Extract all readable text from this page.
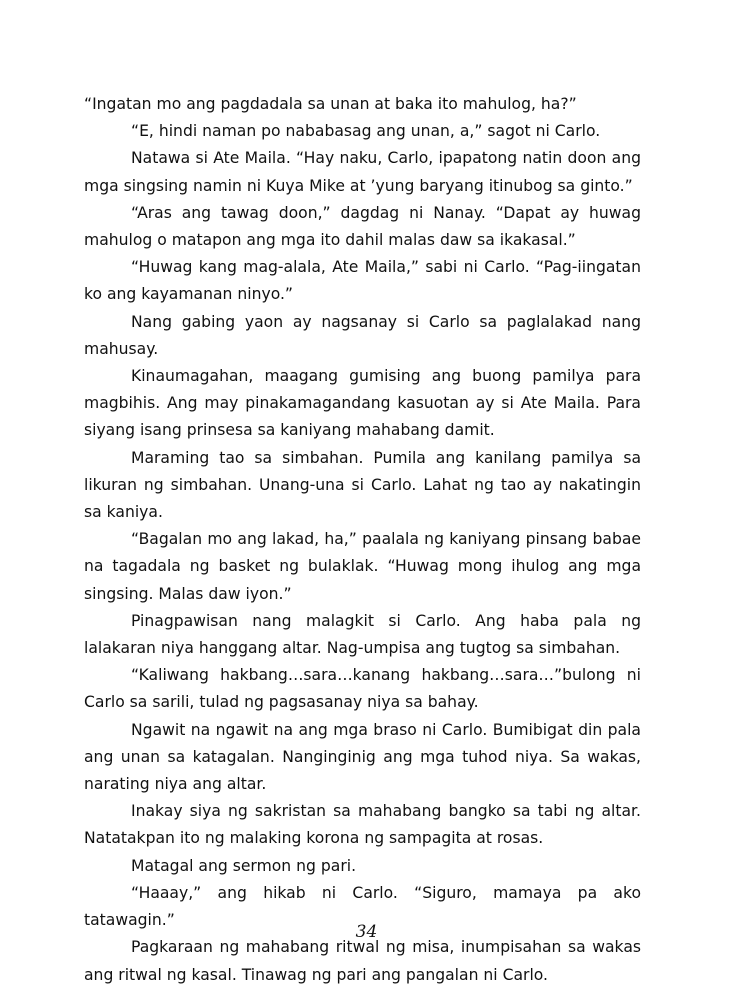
“Ingatan mo ang pagdadala sa unan at baka ito mahulog, ha?”

“E, hindi naman po nababasag ang unan, a,” sagot ni Carlo.

Natawa si Ate Maila. “Hay naku, Carlo, ipapatong natin doon ang mga singsing namin ni Kuya Mike at ’yung baryang itinubog sa ginto.”

“Aras ang tawag doon,” dagdag ni Nanay. “Dapat ay huwag mahulog o matapon ang mga ito dahil malas daw sa ikakasal.”

“Huwag kang mag-alala, Ate Maila,” sabi ni Carlo. “Pag-iingatan ko ang kayamanan ninyo.”

Nang gabing yaon ay nagsanay si Carlo sa paglalakad nang mahusay.

Kinaumagahan, maagang gumising ang buong pamilya para magbihis. Ang may pinakamagandang kasuotan ay si Ate Maila. Para siyang isang prinsesa sa kaniyang mahabang damit.

Maraming tao sa simbahan. Pumila ang kanilang pamilya sa likuran ng simbahan. Unang-una si Carlo. Lahat ng tao ay nakatingin sa kaniya.

“Bagalan mo ang lakad, ha,” paalala ng kaniyang pinsang babae na tagadala ng basket ng bulaklak. “Huwag mong ihulog ang mga singsing. Malas daw iyon.”

Pinagpawisan nang malagkit si Carlo. Ang haba pala ng lalakaran niya hanggang altar. Nag-umpisa ang tugtog sa simbahan.

“Kaliwang hakbang…sara…kanang hakbang…sara…”bulong ni Carlo sa sarili, tulad ng pagsasanay niya sa bahay.

Ngawit na ngawit na ang mga braso ni Carlo. Bumibigat din pala ang unan sa katagalan. Nanginginig ang mga tuhod niya. Sa wakas, narating niya ang altar.

Inakay siya ng sakristan sa mahabang bangko sa tabi ng altar. Natatakpan ito ng malaking korona ng sampagita at rosas.

Matagal ang sermon ng pari.

“Haaay,” ang hikab ni Carlo. “Siguro, mamaya pa ako tatawagin.”

Pagkaraan ng mahabang ritwal ng misa, inumpisahan sa wakas ang ritwal ng kasal. Tinawag ng pari ang pangalan ni Carlo.

34
